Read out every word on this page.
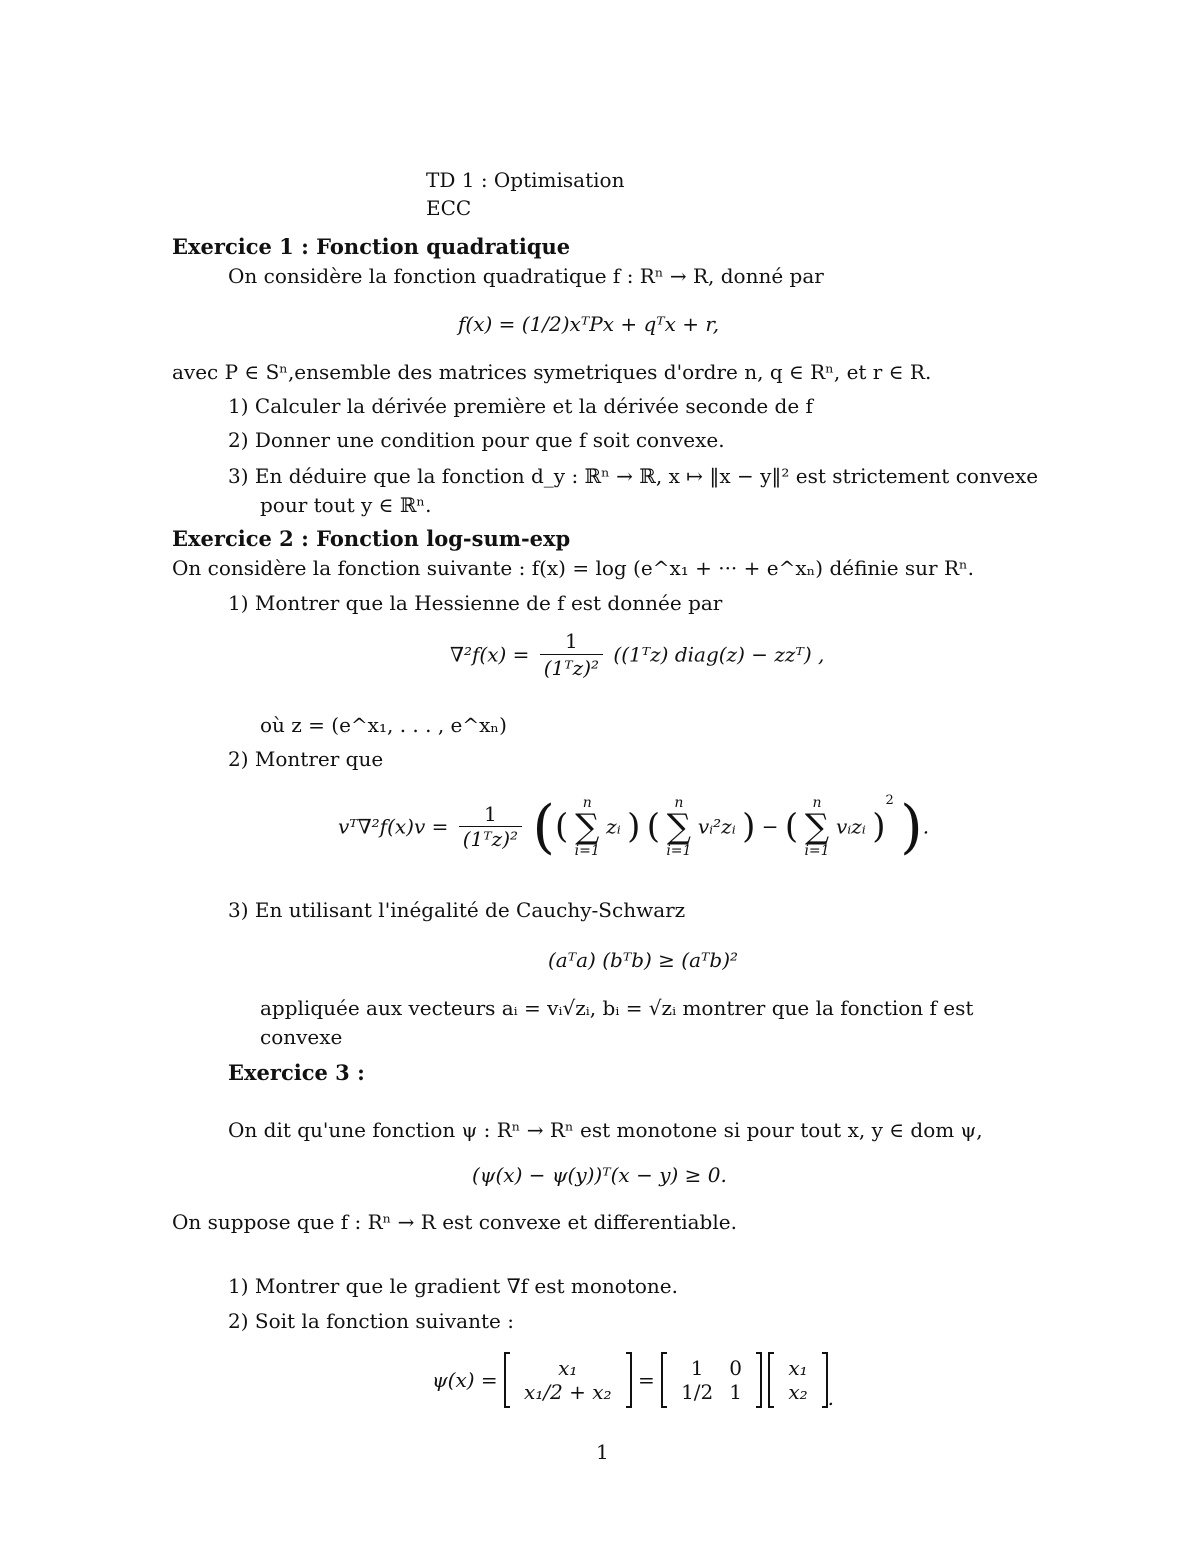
TD 1 : Optimisation
ECC
Exercice 1 : Fonction quadratique
On considère la fonction quadratique f : Rⁿ → R, donné par
f(x) = (1/2)xᵀPx + qᵀx + r,
avec P ∈ Sⁿ,ensemble des matrices symetriques d'ordre n, q ∈ Rⁿ, et r ∈ R.
1) Calculer la dérivée première et la dérivée seconde de f
2) Donner une condition pour que f soit convexe.
3) En déduire que la fonction d_y : ℝⁿ → ℝ, x ↦ ‖x − y‖² est strictement convexe
pour tout y ∈ ℝⁿ.
Exercice 2 : Fonction log-sum-exp
On considère la fonction suivante : f(x) = log (e^x₁ + ··· + e^xₙ) définie sur Rⁿ.
1) Montrer que la Hessienne de f est donnée par
$\nabla^2f(x) = \frac{1}{\text{(1ᵀz)²}}$ ((1ᵀz) diag(z) − zzᵀ) ,
où z = (e^x₁, . . . , e^xₙ)
2) Montrer que
vᵀ∇²f(x)v = $\frac{1}{\text{(1ᵀz)²}}$ ((
n
∑
i=1
zᵢ ) (
n
∑
i=1
vᵢ²zᵢ ) − (
n
∑
i=1
vᵢzᵢ )$^2$ ).
3) En utilisant l'inégalité de Cauchy-Schwarz
(aᵀa) (bᵀb) ≥ (aᵀb)²
appliquée aux vecteurs aᵢ = vᵢ√zᵢ, bᵢ = √zᵢ montrer que la fonction f est
convexe
Exercice 3 :
On dit qu'une fonction ψ : Rⁿ → Rⁿ est monotone si pour tout x, y ∈ dom ψ,
(ψ(x) − ψ(y))ᵀ(x − y) ≥ 0.
On suppose que f : Rⁿ → R est convexe et differentiable.
1) Montrer que le gradient ∇f est monotone.
2) Soit la fonction suivante :
ψ(x) =	x₁
x₁/2 + x₂ = 1	0
1/2	1

x₁
x₂ .
1
